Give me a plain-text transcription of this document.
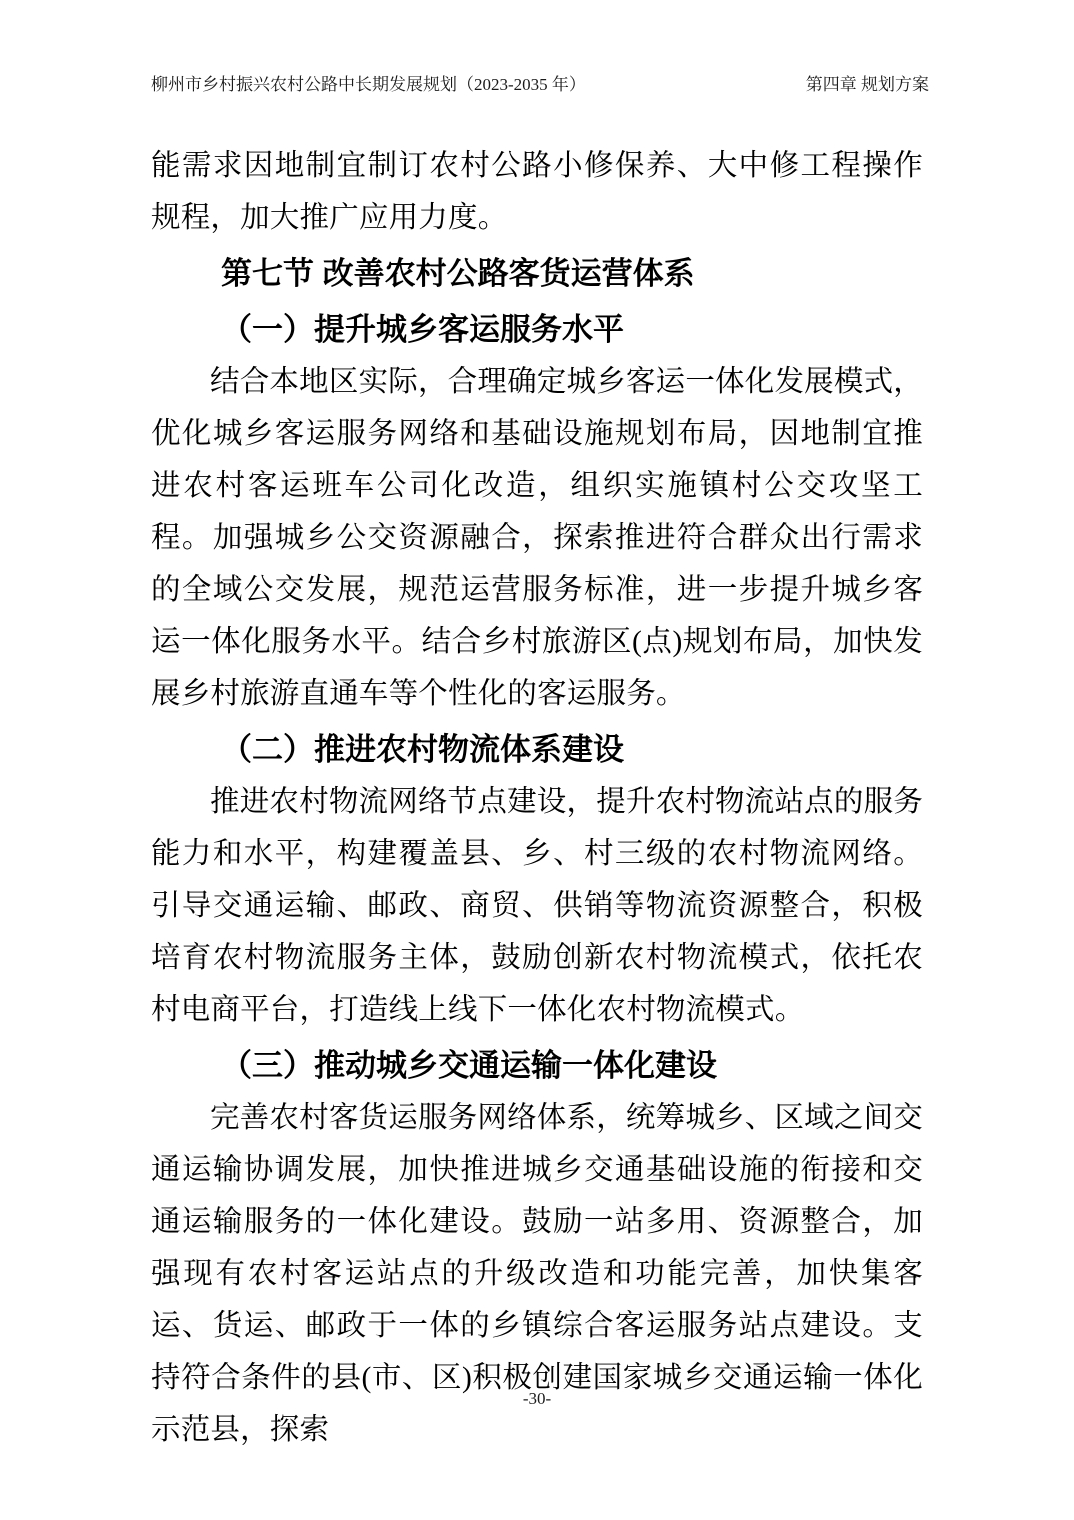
柳州市乡村振兴农村公路中长期发展规划（2023-2035 年）	第四章 规划方案

能需求因地制宜制订农村公路小修保养、大中修工程操作规程，加大推广应用力度。

第七节 改善农村公路客货运营体系
（一）提升城乡客运服务水平

结合本地区实际，合理确定城乡客运一体化发展模式，优化城乡客运服务网络和基础设施规划布局，因地制宜推进农村客运班车公司化改造，组织实施镇村公交攻坚工程。加强城乡公交资源融合，探索推进符合群众出行需求的全域公交发展，规范运营服务标准，进一步提升城乡客运一体化服务水平。结合乡村旅游区(点)规划布局，加快发展乡村旅游直通车等个性化的客运服务。

（二）推进农村物流体系建设

推进农村物流网络节点建设，提升农村物流站点的服务能力和水平，构建覆盖县、乡、村三级的农村物流网络。引导交通运输、邮政、商贸、供销等物流资源整合，积极培育农村物流服务主体，鼓励创新农村物流模式，依托农村电商平台，打造线上线下一体化农村物流模式。

（三）推动城乡交通运输一体化建设

完善农村客货运服务网络体系，统筹城乡、区域之间交通运输协调发展，加快推进城乡交通基础设施的衔接和交通运输服务的一体化建设。鼓励一站多用、资源整合，加强现有农村客运站点的升级改造和功能完善，加快集客运、货运、邮政于一体的乡镇综合客运服务站点建设。支持符合条件的县(市、区)积极创建国家城乡交通运输一体化示范县，探索

-30-
